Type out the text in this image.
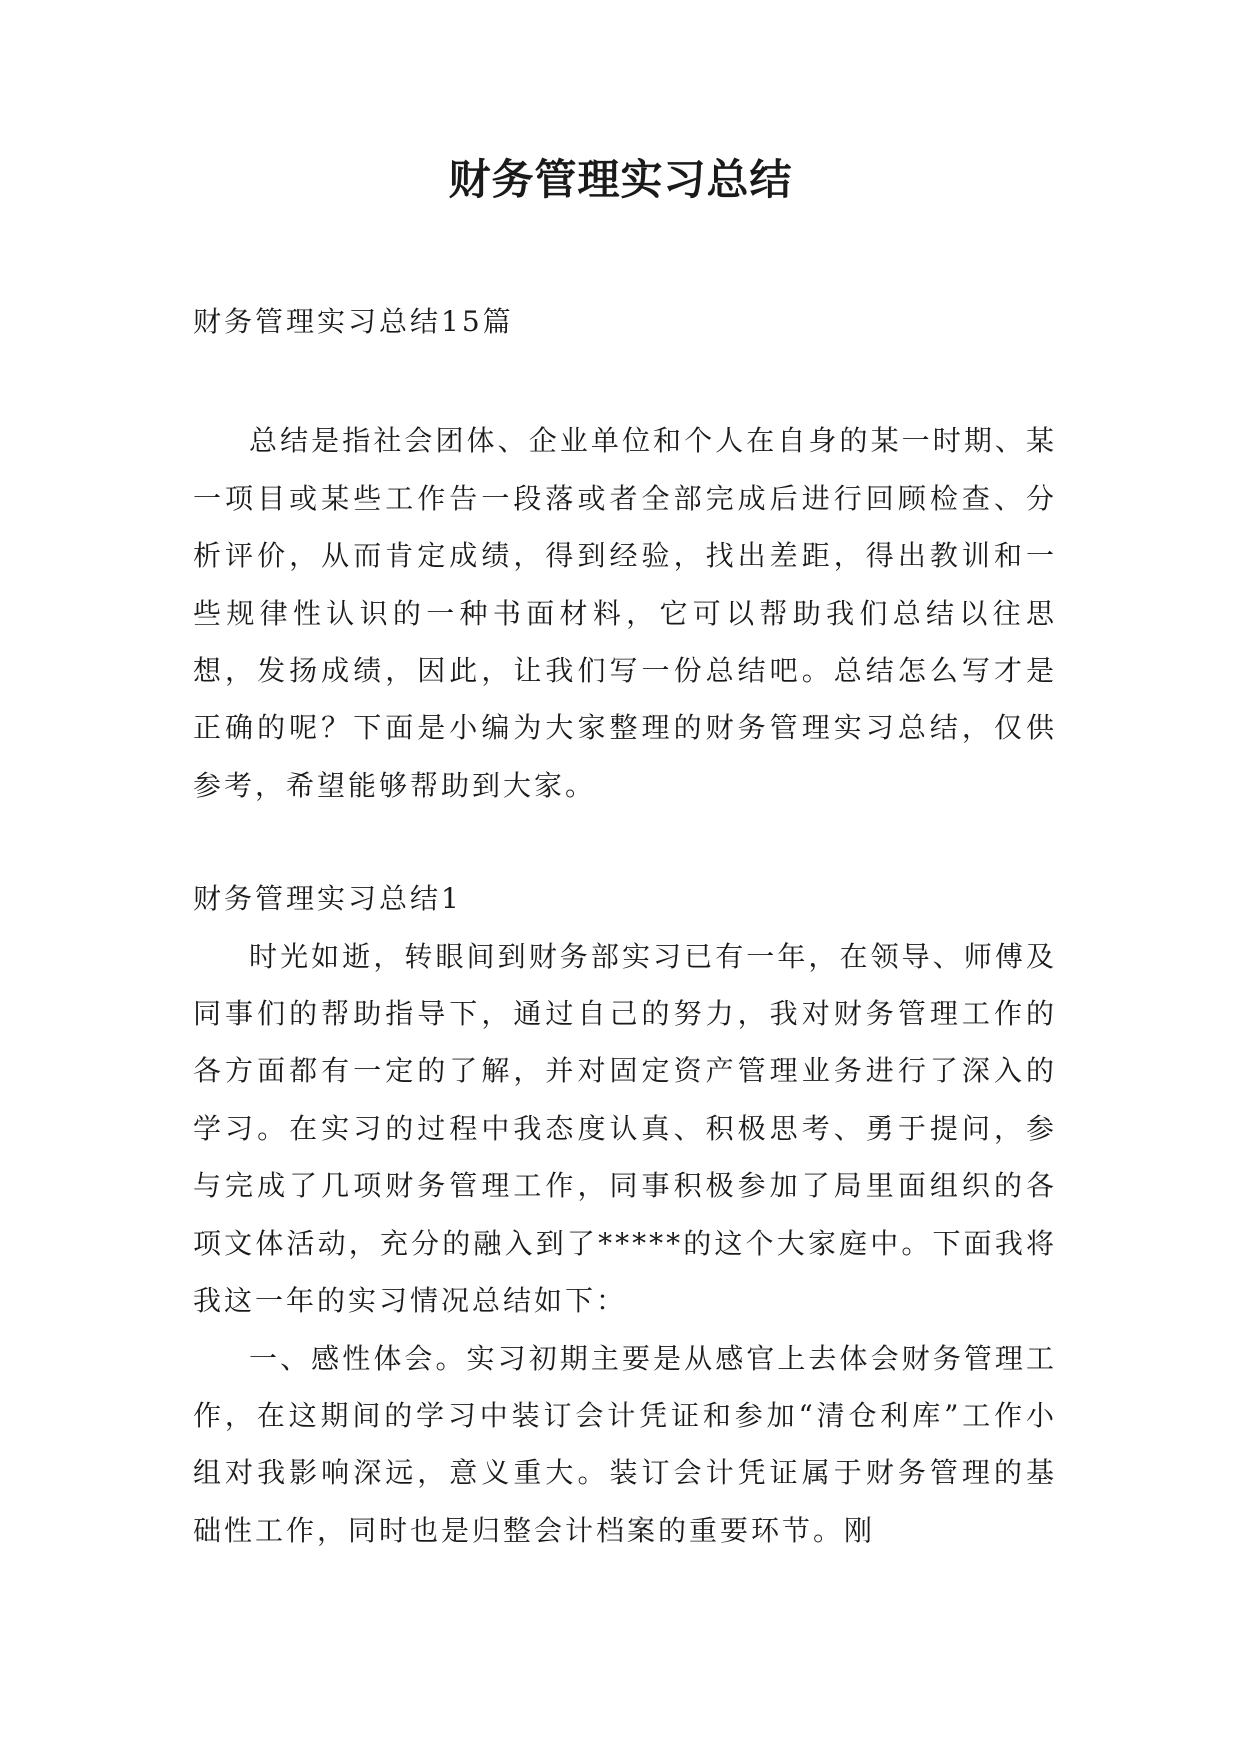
财务管理实习总结

财务管理实习总结15篇

总结是指社会团体、企业单位和个人在自身的某一时期、某一项目或某些工作告一段落或者全部完成后进行回顾检查、分析评价，从而肯定成绩，得到经验，找出差距，得出教训和一些规律性认识的一种书面材料，它可以帮助我们总结以往思想，发扬成绩，因此，让我们写一份总结吧。总结怎么写才是正确的呢？下面是小编为大家整理的财务管理实习总结，仅供参考，希望能够帮助到大家。

财务管理实习总结1

时光如逝，转眼间到财务部实习已有一年，在领导、师傅及同事们的帮助指导下，通过自己的努力，我对财务管理工作的各方面都有一定的了解，并对固定资产管理业务进行了深入的学习。在实习的过程中我态度认真、积极思考、勇于提问，参与完成了几项财务管理工作，同事积极参加了局里面组织的各项文体活动，充分的融入到了*****的这个大家庭中。下面我将我这一年的实习情况总结如下：

一、感性体会。实习初期主要是从感官上去体会财务管理工作，在这期间的学习中装订会计凭证和参加“清仓利库”工作小组对我影响深远，意义重大。装订会计凭证属于财务管理的基础性工作，同时也是归整会计档案的重要环节。刚
